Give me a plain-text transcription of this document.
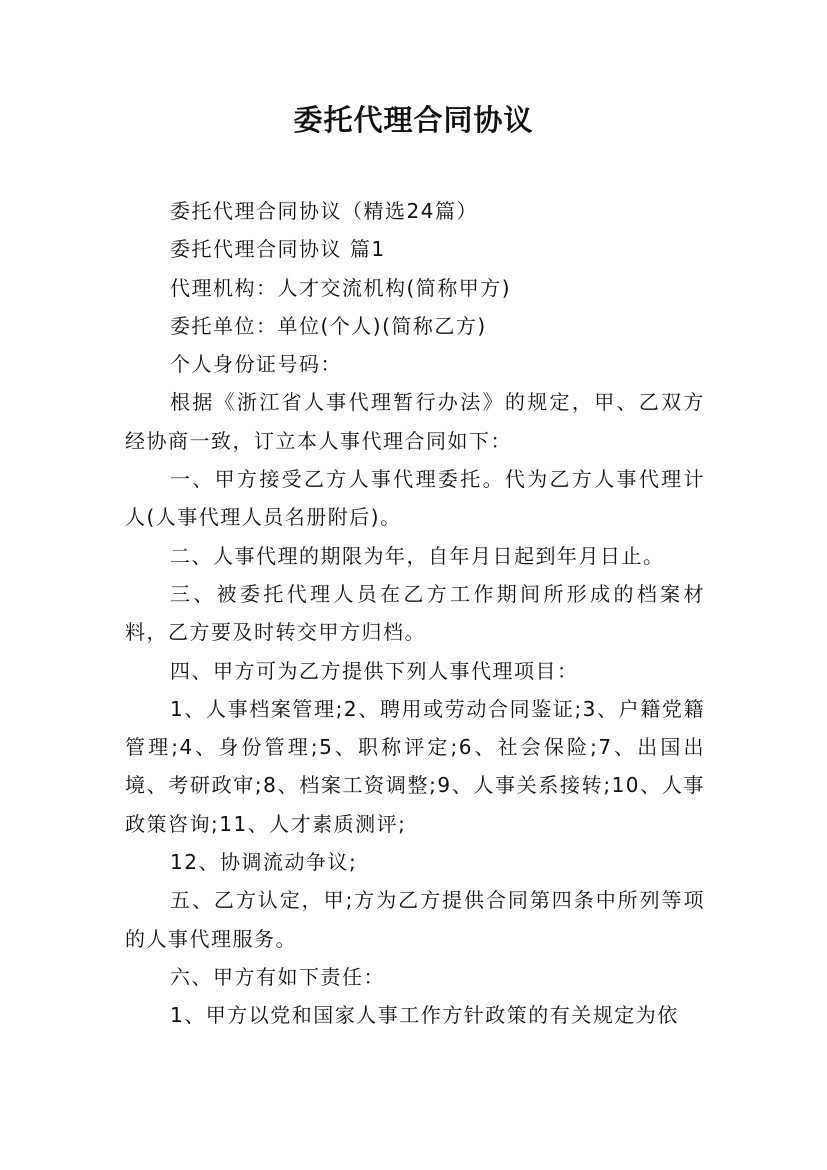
委托代理合同协议

委托代理合同协议（精选24篇）

委托代理合同协议 篇1

代理机构：人才交流机构(简称甲方)

委托单位：单位(个人)(简称乙方)

个人身份证号码：

根据《浙江省人事代理暂行办法》的规定，甲、乙双方经协商一致，订立本人事代理合同如下：

一、甲方接受乙方人事代理委托。代为乙方人事代理计人(人事代理人员名册附后)。

二、人事代理的期限为年，自年月日起到年月日止。

三、被委托代理人员在乙方工作期间所形成的档案材料，乙方要及时转交甲方归档。

四、甲方可为乙方提供下列人事代理项目：

1、人事档案管理;2、聘用或劳动合同鉴证;3、户籍党籍管理;4、身份管理;5、职称评定;6、社会保险;7、出国出境、考研政审;8、档案工资调整;9、人事关系接转;10、人事政策咨询;11、人才素质测评;

12、协调流动争议;

五、乙方认定，甲;方为乙方提供合同第四条中所列等项的人事代理服务。

六、甲方有如下责任：

1、甲方以党和国家人事工作方针政策的有关规定为依
